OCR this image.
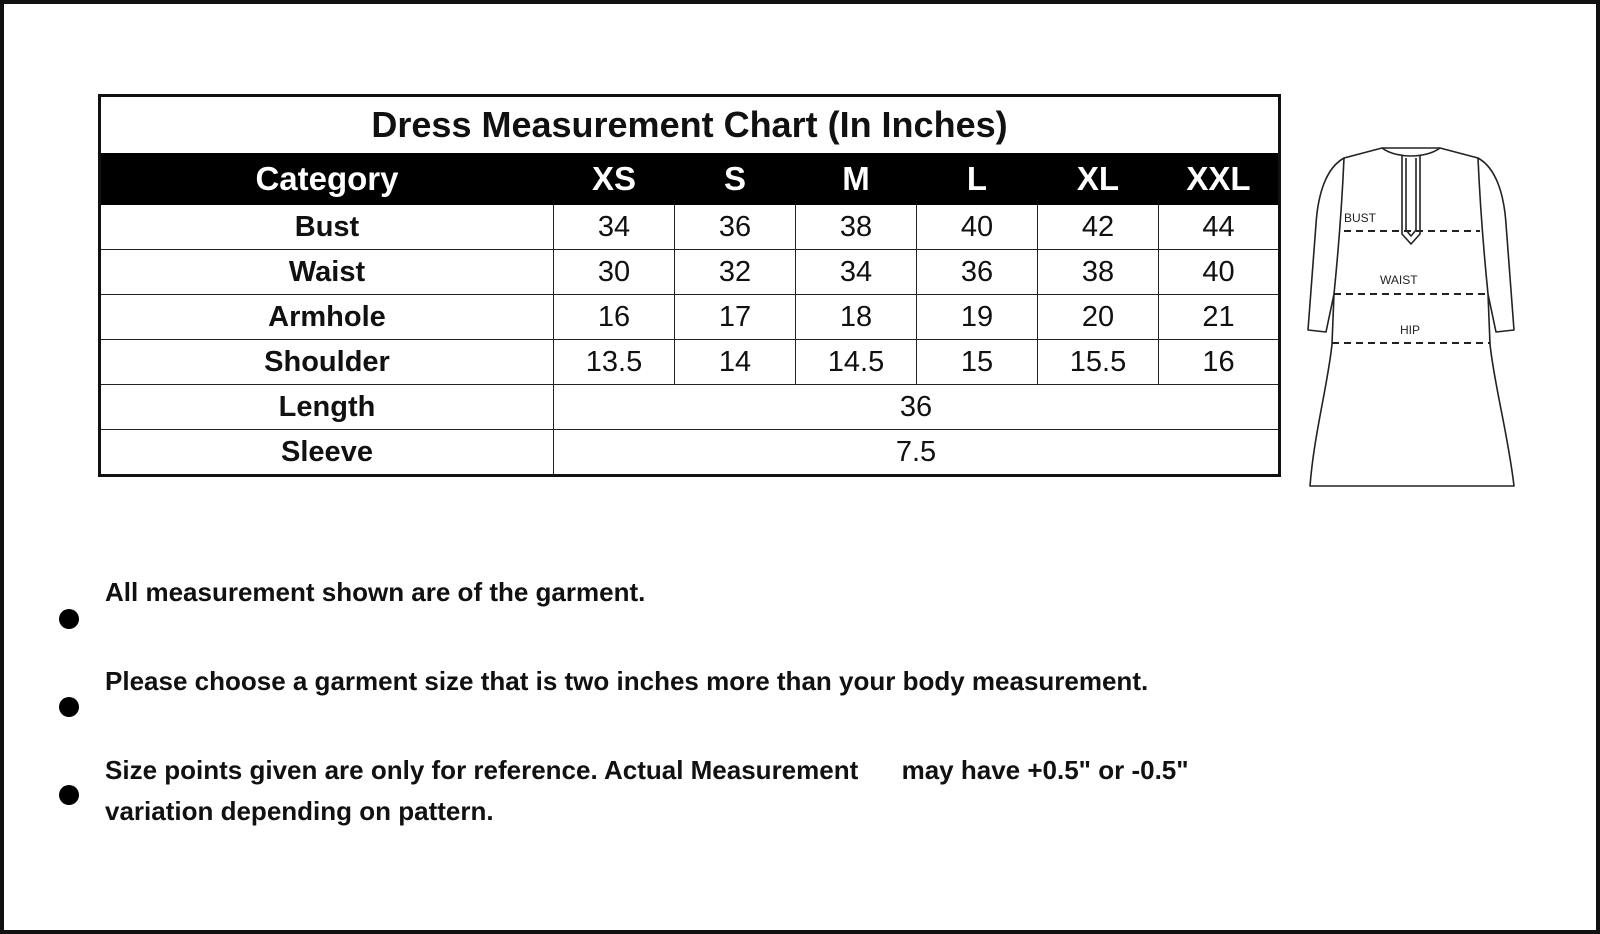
Dress Measurement Chart (In Inches)						
Category	XS	S	M	L	XL	XXL
Bust	34	36	38	40	42	44
Waist	30	32	34	36	38	40
Armhole	16	17	18	19	20	21
Shoulder	13.5	14	14.5	15	15.5	16
Length	36					
Sleeve	7.5					
BUST
WAIST
HIP
All measurement shown are of the garment.
Please choose a garment size that is two inches more than your body measurement.
Size points given are only for reference. Actual Measurement      may have +0.5" or -0.5" variation depending on pattern.
